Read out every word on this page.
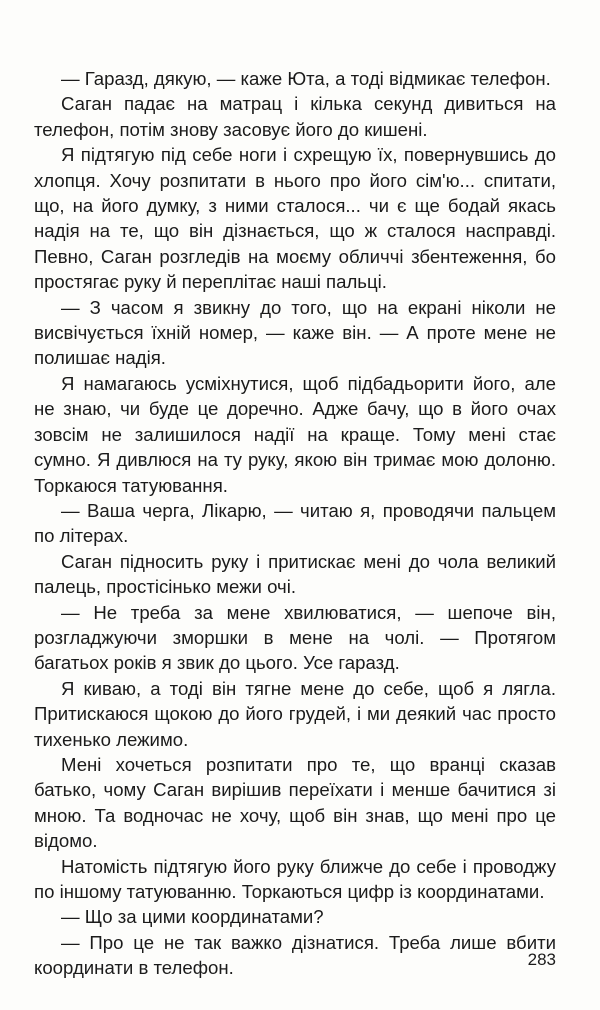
— Гаразд, дякую, — каже Юта, а тоді відмикає телефон.

Саган падає на матрац і кілька секунд дивиться на телефон, потім знову засовує його до кишені.

Я підтягую під себе ноги і схрещую їх, повернувшись до хлопця. Хочу розпитати в нього про його сім'ю... спитати, що, на його думку, з ними сталося... чи є ще бодай якась надія на те, що він дізнається, що ж сталося насправді. Певно, Саган розгледів на моєму обличчі збентеження, бо простягає руку й переплітає наші пальці.

— З часом я звикну до того, що на екрані ніколи не висвічується їхній номер, — каже він. — А проте мене не полишає надія.

Я намагаюсь усміхнутися, щоб підбадьорити його, але не знаю, чи буде це доречно. Адже бачу, що в його очах зовсім не залишилося надії на краще. Тому мені стає сумно. Я дивлюся на ту руку, якою він тримає мою долоню. Торкаюся татуювання.

— Ваша черга, Лікарю, — читаю я, проводячи пальцем по літерах.

Саган підносить руку і притискає мені до чола великий палець, простісінько межи очі.

— Не треба за мене хвилюватися, — шепоче він, розгладжуючи зморшки в мене на чолі. — Протягом багатьох років я звик до цього. Усе гаразд.

Я киваю, а тоді він тягне мене до себе, щоб я лягла. Притискаюся щокою до його грудей, і ми деякий час просто тихенько лежимо.

Мені хочеться розпитати про те, що вранці сказав батько, чому Саган вирішив переїхати і менше бачитися зі мною. Та водночас не хочу, щоб він знав, що мені про це відомо.

Натомість підтягую його руку ближче до себе і проводжу по іншому татуюванню. Торкаються цифр із координатами.

— Що за цими координатами?

— Про це не так важко дізнатися. Треба лише вбити координати в телефон.	283
